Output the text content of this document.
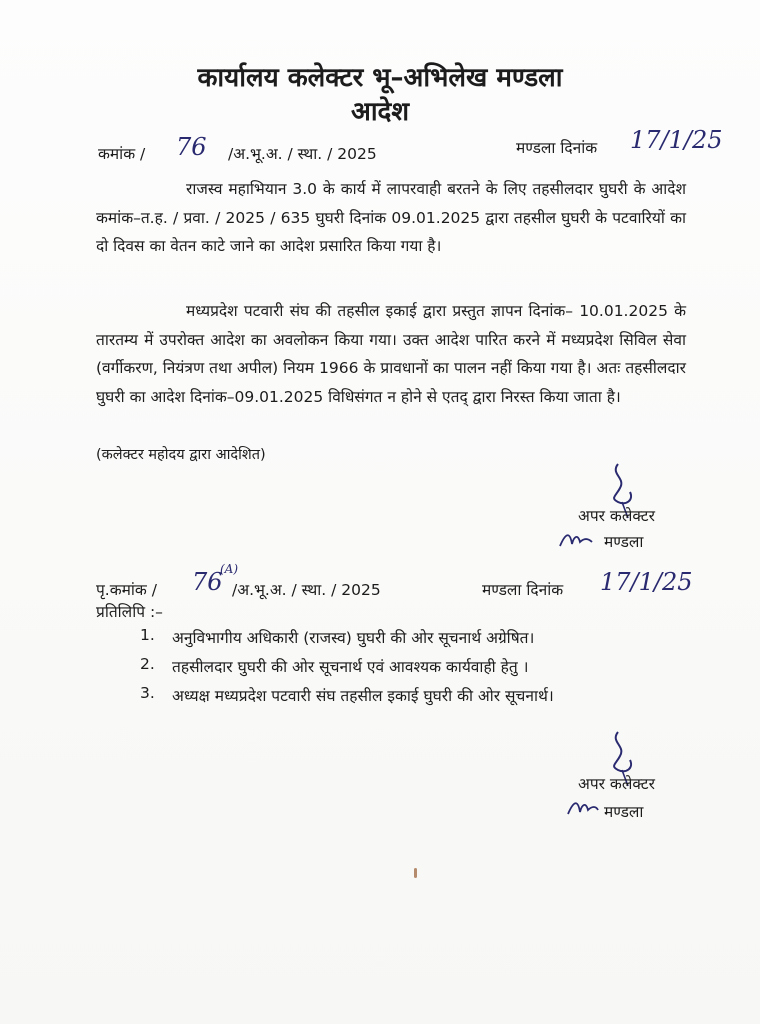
कार्यालय कलेक्टर भू–अभिलेख मण्डला
आदेश
कमांक / 76 /अ.भू.अ. / स्था. / 2025	मण्डला दिनांक 17/1/25
राजस्व महाभियान 3.0 के कार्य में लापरवाही बरतने के लिए तहसीलदार घुघरी के आदेश कमांक–त.ह. / प्रवा. / 2025 / 635 घुघरी दिनांक 09.01.2025 द्वारा तहसील घुघरी के पटवारियों का दो दिवस का वेतन काटे जाने का आदेश प्रसारित किया गया है।
मध्यप्रदेश पटवारी संघ की तहसील इकाई द्वारा प्रस्तुत ज्ञापन दिनांक– 10.01.2025 के तारतम्य में उपरोक्त आदेश का अवलोकन किया गया। उक्त आदेश पारित करने में मध्यप्रदेश सिविल सेवा (वर्गीकरण, नियंत्रण तथा अपील) नियम 1966 के प्रावधानों का पालन नहीं किया गया है। अतः तहसीलदार घुघरी का आदेश दिनांक–09.01.2025 विधिसंगत न होने से एतद् द्वारा निरस्त किया जाता है।
(कलेक्टर महोदय द्वारा आदेशित)
अपर कलेक्टर
मण्डला
पृ.कमांक / 76
(A)
/अ.भू.अ. / स्था. / 2025	मण्डला दिनांक 17/1/25
प्रतिलिपि :–
1. अनुविभागीय अधिकारी (राजस्व) घुघरी की ओर सूचनार्थ अग्रेषित।
2. तहसीलदार घुघरी की ओर सूचनार्थ एवं आवश्यक कार्यवाही हेतु ।
3. अध्यक्ष मध्यप्रदेश पटवारी संघ तहसील इकाई घुघरी की ओर सूचनार्थ।
अपर कलेक्टर
मण्डला
